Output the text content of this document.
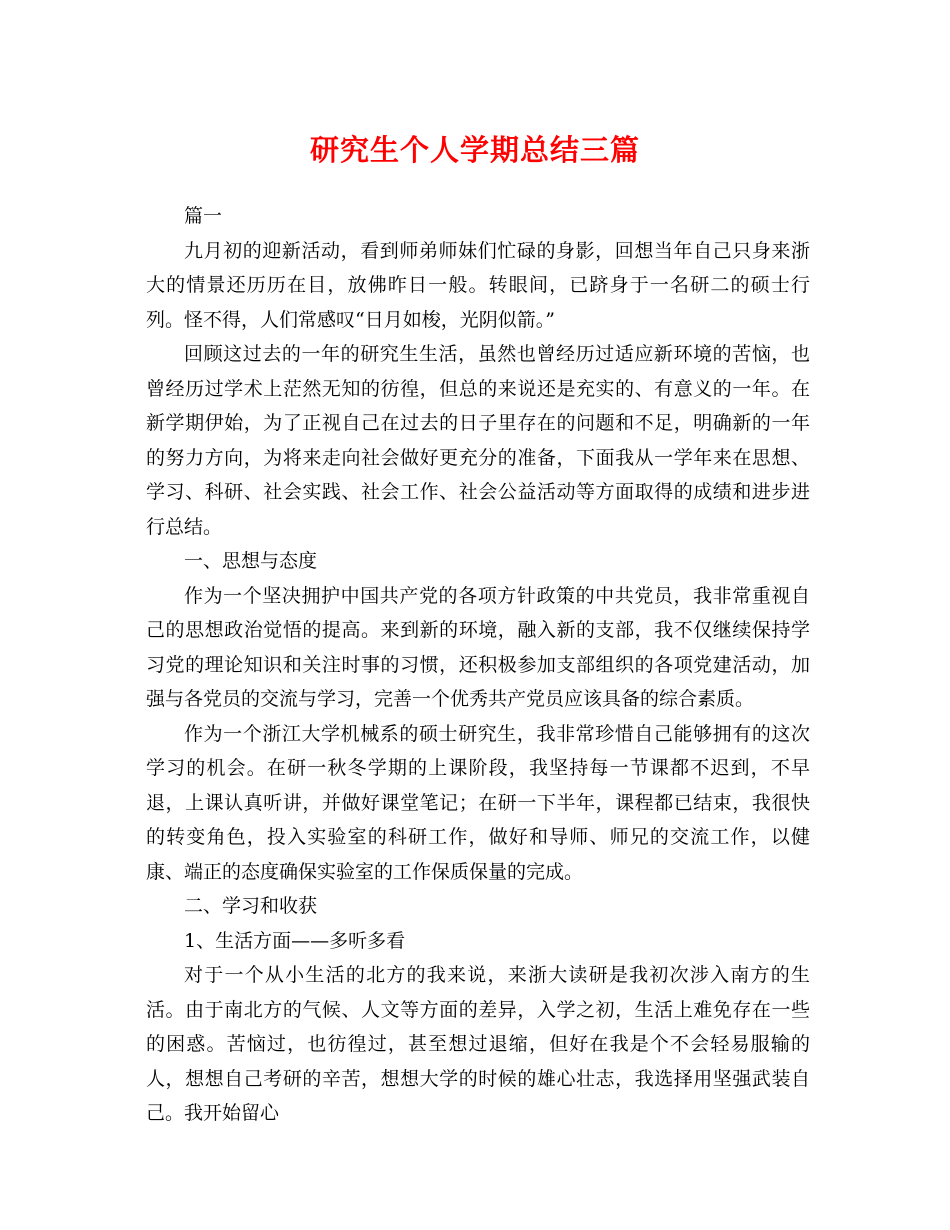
研究生个人学期总结三篇

篇一

九月初的迎新活动，看到师弟师妹们忙碌的身影，回想当年自己只身来浙大的情景还历历在目，放佛昨日一般。转眼间，已跻身于一名研二的硕士行列。怪不得，人们常感叹“日月如梭，光阴似箭。”

回顾这过去的一年的研究生生活，虽然也曾经历过适应新环境的苦恼，也曾经历过学术上茫然无知的彷徨，但总的来说还是充实的、有意义的一年。在新学期伊始，为了正视自己在过去的日子里存在的问题和不足，明确新的一年的努力方向，为将来走向社会做好更充分的准备，下面我从一学年来在思想、学习、科研、社会实践、社会工作、社会公益活动等方面取得的成绩和进步进行总结。

一、思想与态度

作为一个坚决拥护中国共产党的各项方针政策的中共党员，我非常重视自己的思想政治觉悟的提高。来到新的环境，融入新的支部，我不仅继续保持学习党的理论知识和关注时事的习惯，还积极参加支部组织的各项党建活动，加强与各党员的交流与学习，完善一个优秀共产党员应该具备的综合素质。

作为一个浙江大学机械系的硕士研究生，我非常珍惜自己能够拥有的这次学习的机会。在研一秋冬学期的上课阶段，我坚持每一节课都不迟到，不早退，上课认真听讲，并做好课堂笔记；在研一下半年，课程都已结束，我很快的转变角色，投入实验室的科研工作，做好和导师、师兄的交流工作，以健康、端正的态度确保实验室的工作保质保量的完成。

二、学习和收获

1、生活方面——多听多看

对于一个从小生活的北方的我来说，来浙大读研是我初次涉入南方的生活。由于南北方的气候、人文等方面的差异，入学之初，生活上难免存在一些的困惑。苦恼过，也彷徨过，甚至想过退缩，但好在我是个不会轻易服输的人，想想自己考研的辛苦，想想大学的时候的雄心壮志，我选择用坚强武装自己。我开始留心
